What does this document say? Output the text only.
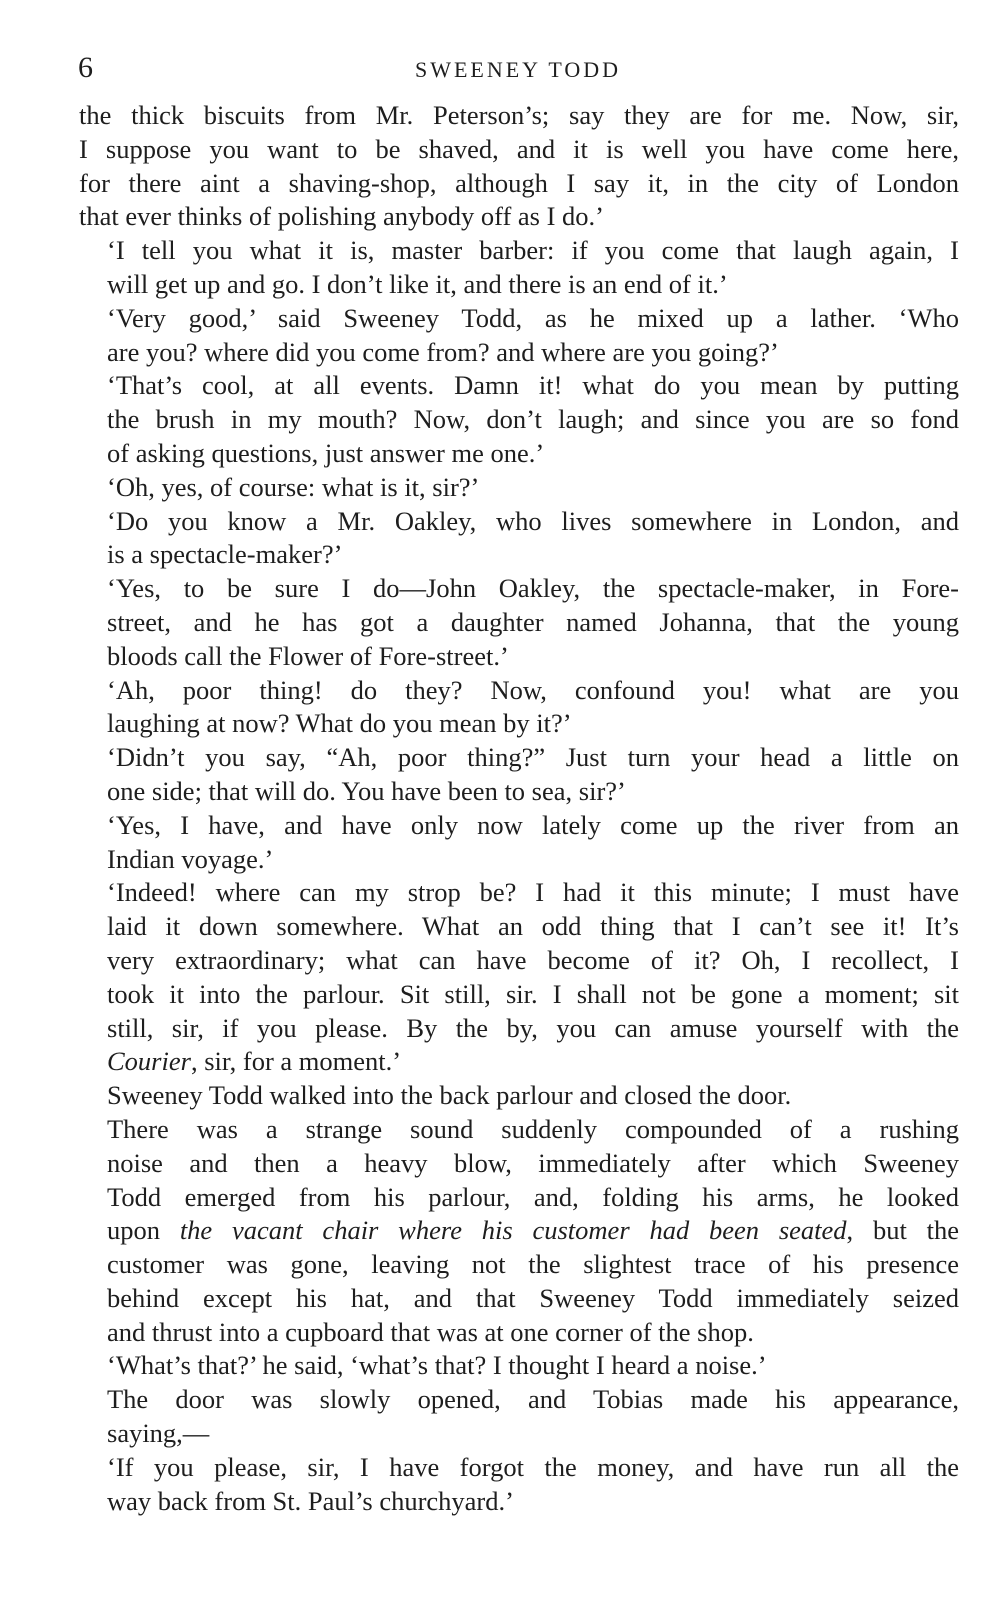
6	SWEENEY TODD

the thick biscuits from Mr. Peterson’s; say they are for me. Now, sir,
I suppose you want to be shaved, and it is well you have come here,
for there aint a shaving-shop, although I say it, in the city of London
that ever thinks of polishing anybody off as I do.’

‘I tell you what it is, master barber: if you come that laugh again, I
will get up and go. I don’t like it, and there is an end of it.’

‘Very good,’ said Sweeney Todd, as he mixed up a lather. ‘Who
are you? where did you come from? and where are you going?’

‘That’s cool, at all events. Damn it! what do you mean by putting
the brush in my mouth? Now, don’t laugh; and since you are so fond
of asking questions, just answer me one.’

‘Oh, yes, of course: what is it, sir?’

‘Do you know a Mr. Oakley, who lives somewhere in London, and
is a spectacle-maker?’

‘Yes, to be sure I do—John Oakley, the spectacle-maker, in Fore-
street, and he has got a daughter named Johanna, that the young
bloods call the Flower of Fore-street.’

‘Ah, poor thing! do they? Now, confound you! what are you
laughing at now? What do you mean by it?’

‘Didn’t you say, “Ah, poor thing?” Just turn your head a little on
one side; that will do. You have been to sea, sir?’

‘Yes, I have, and have only now lately come up the river from an
Indian voyage.’

‘Indeed! where can my strop be? I had it this minute; I must have
laid it down somewhere. What an odd thing that I can’t see it! It’s
very extraordinary; what can have become of it? Oh, I recollect, I
took it into the parlour. Sit still, sir. I shall not be gone a moment; sit
still, sir, if you please. By the by, you can amuse yourself with the
Courier, sir, for a moment.’

Sweeney Todd walked into the back parlour and closed the door.

There was a strange sound suddenly compounded of a rushing
noise and then a heavy blow, immediately after which Sweeney
Todd emerged from his parlour, and, folding his arms, he looked
upon the vacant chair where his customer had been seated, but the
customer was gone, leaving not the slightest trace of his presence
behind except his hat, and that Sweeney Todd immediately seized
and thrust into a cupboard that was at one corner of the shop.

‘What’s that?’ he said, ‘what’s that? I thought I heard a noise.’

The door was slowly opened, and Tobias made his appearance,
saying,—

‘If you please, sir, I have forgot the money, and have run all the
way back from St. Paul’s churchyard.’
